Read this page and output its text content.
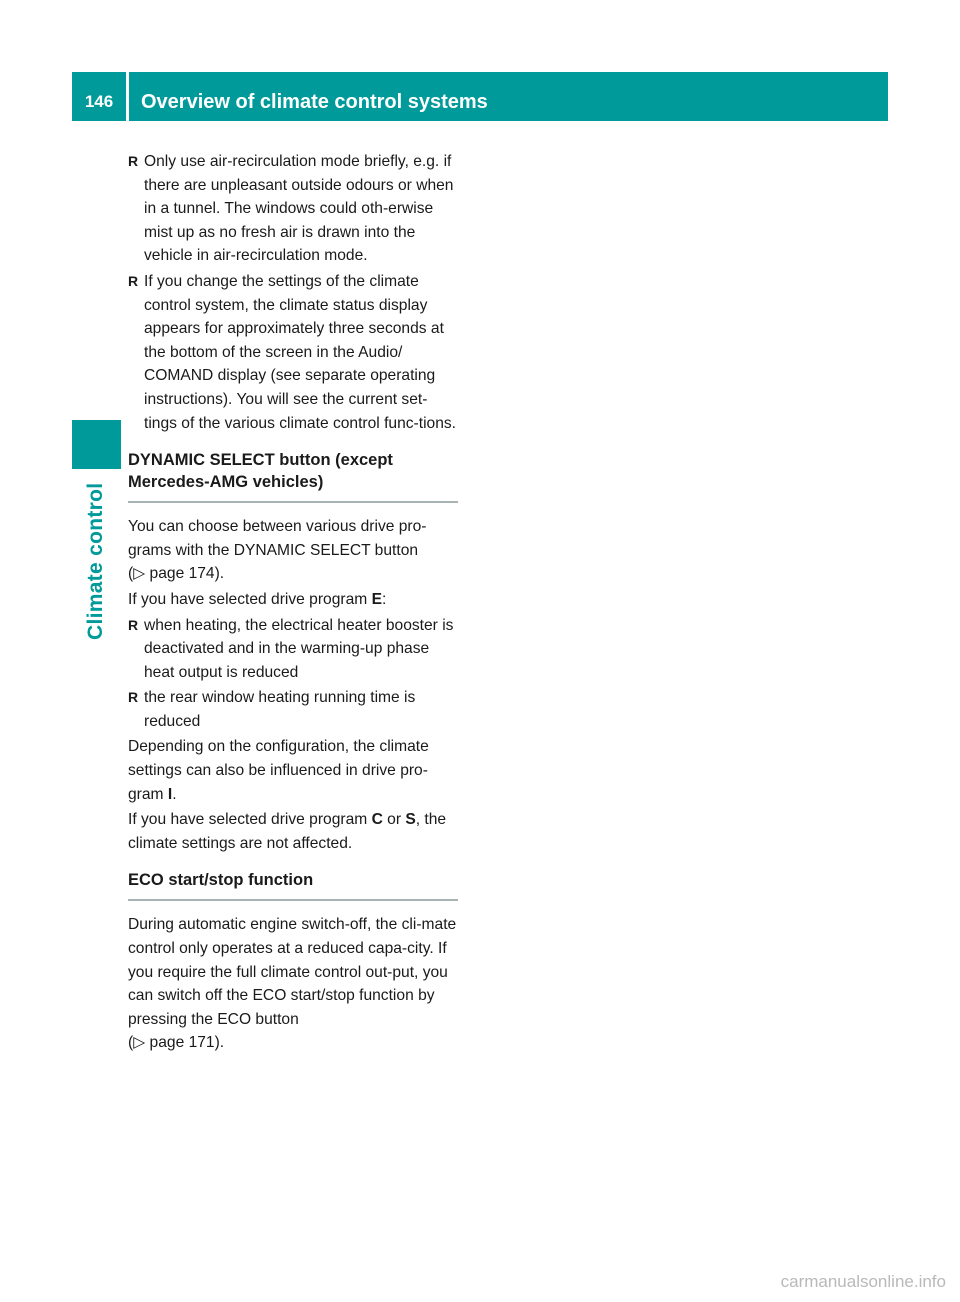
146	Overview of climate control systems
Climate control
R Only use air-recirculation mode briefly, e.g. if there are unpleasant outside odours or when in a tunnel. The windows could oth-erwise mist up as no fresh air is drawn into the vehicle in air-recirculation mode.
R If you change the settings of the climate control system, the climate status display appears for approximately three seconds at the bottom of the screen in the Audio/ COMAND display (see separate operating instructions). You will see the current set-tings of the various climate control func-tions.
DYNAMIC SELECT button (except Mercedes-AMG vehicles)

You can choose between various drive pro-grams with the DYNAMIC SELECT button
(▷ page 174).

If you have selected drive program E:

R when heating, the electrical heater booster is deactivated and in the warming-up phase heat output is reduced
R the rear window heating running time is reduced

Depending on the configuration, the climate settings can also be influenced in drive pro-gram I.

If you have selected drive program C or S, the climate settings are not affected.

ECO start/stop function

During automatic engine switch-off, the cli-mate control only operates at a reduced capa-city. If you require the full climate control out-put, you can switch off the ECO start/stop function by pressing the ECO button
(▷ page 171).

carmanualsonline.info
